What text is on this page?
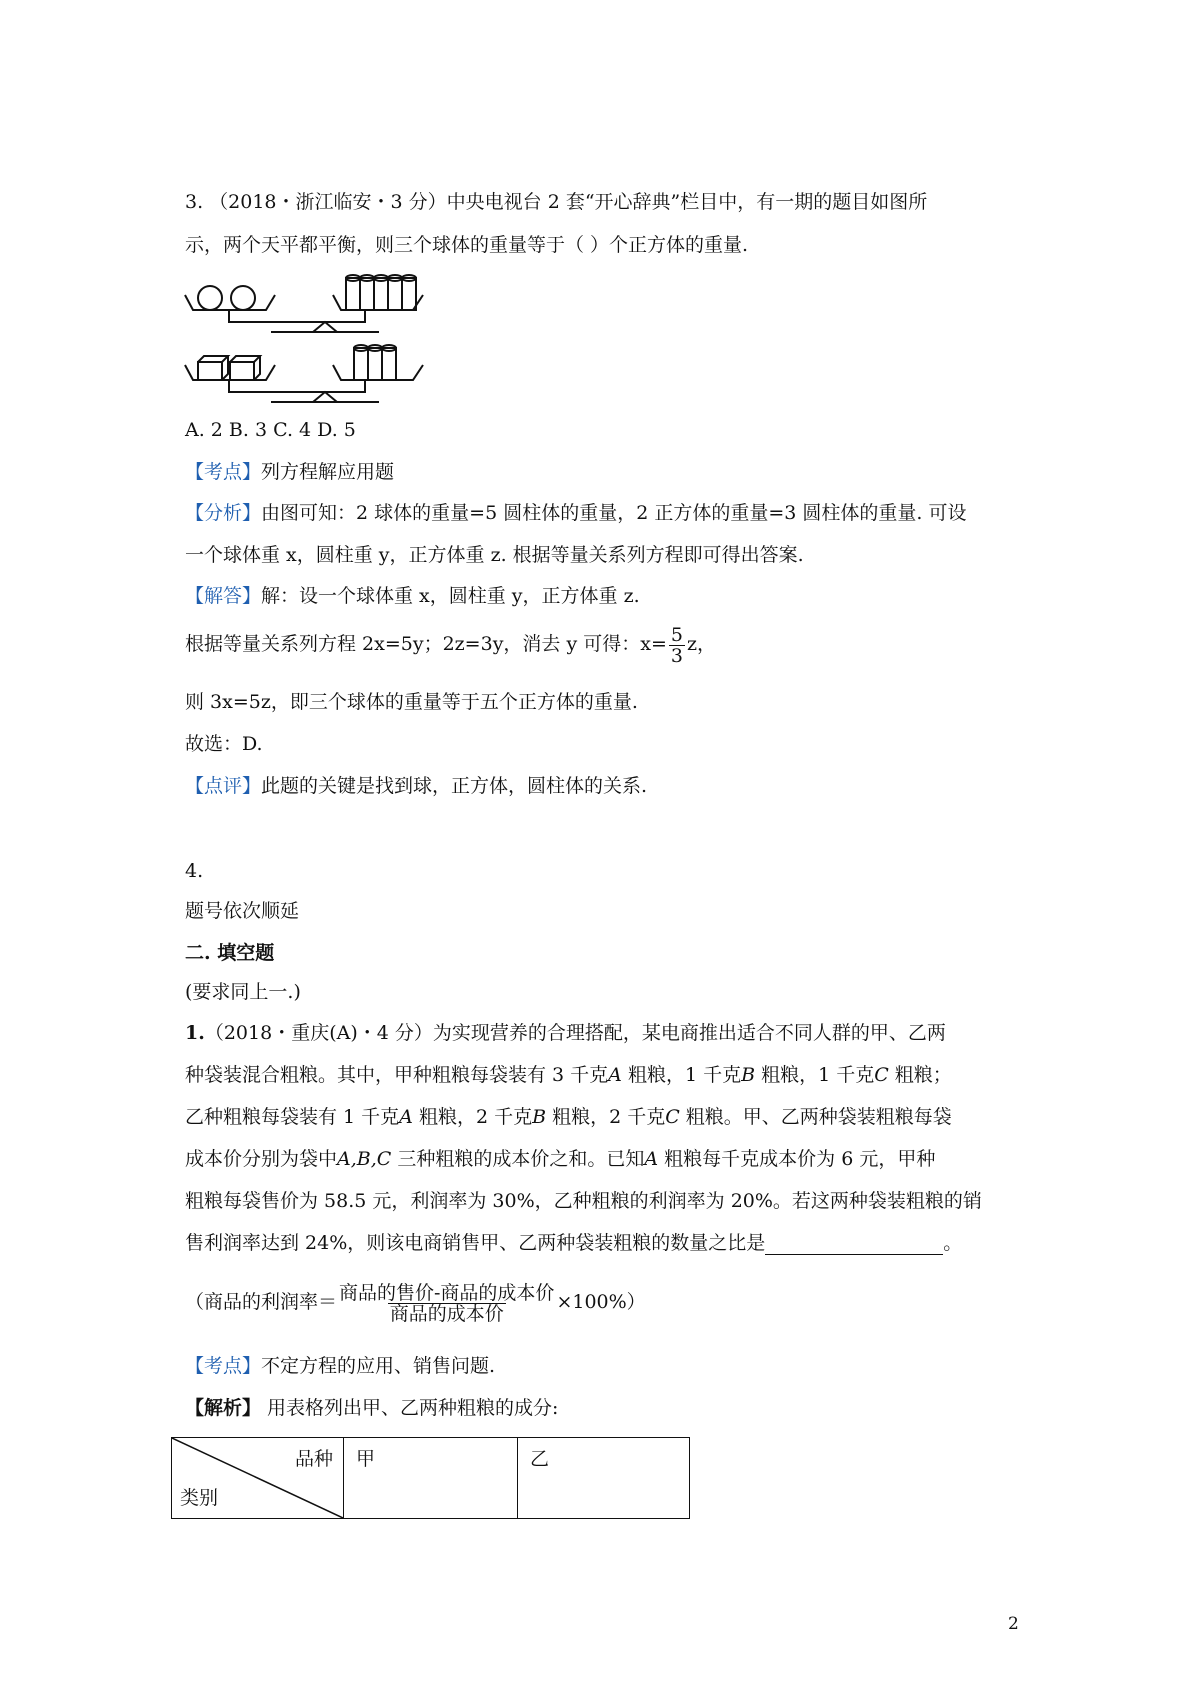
3. （2018・浙江临安・3 分）中央电视台 2 套“开心辞典”栏目中，有一期的题目如图所
示，两个天平都平衡，则三个球体的重量等于（ ）个正方体的重量.
A. 2 B. 3 C. 4 D. 5
【考点】列方程解应用题
【分析】由图可知：2 球体的重量=5 圆柱体的重量，2 正方体的重量=3 圆柱体的重量. 可设
一个球体重 x，圆柱重 y，正方体重 z. 根据等量关系列方程即可得出答案.
【解答】解：设一个球体重 x，圆柱重 y，正方体重 z.
根据等量关系列方程 2x=5y；2z=3y，消去 y 可得：$x= \frac{5}{3}$ z，
则 3x=5z，即三个球体的重量等于五个正方体的重量.
故选：D.
【点评】此题的关键是找到球，正方体，圆柱体的关系.
4.
题号依次顺延
二. 填空题
(要求同上一.)
1.（2018・重庆(A)・4 分）为实现营养的合理搭配，某电商推出适合不同人群的甲、乙两
种袋装混合粗粮。其中，甲种粗粮每袋装有 3 千克A 粗粮，1 千克B 粗粮，1 千克C 粗粮；
乙种粗粮每袋装有 1 千克A 粗粮，2 千克B 粗粮，2 千克C 粗粮。甲、乙两种袋装粗粮每袋
成本价分别为袋中A,B,C 三种粗粮的成本价之和。已知A 粗粮每千克成本价为 6 元，甲种
粗粮每袋售价为 58.5 元，利润率为 30%，乙种粗粮的利润率为 20%。若这两种袋装粗粮的销
售利润率达到 24%，则该电商销售甲、乙两种袋装粗粮的数量之比是	。
（商品的利润率＝ $\frac{\text{商品的售价-商品的成本价}}{\text{商品的成本价}} \times 100\%$）
【考点】不定方程的应用、销售问题.
【解析】 用表格列出甲、乙两种粗粮的成分:
品种
类别
	甲	乙
2
